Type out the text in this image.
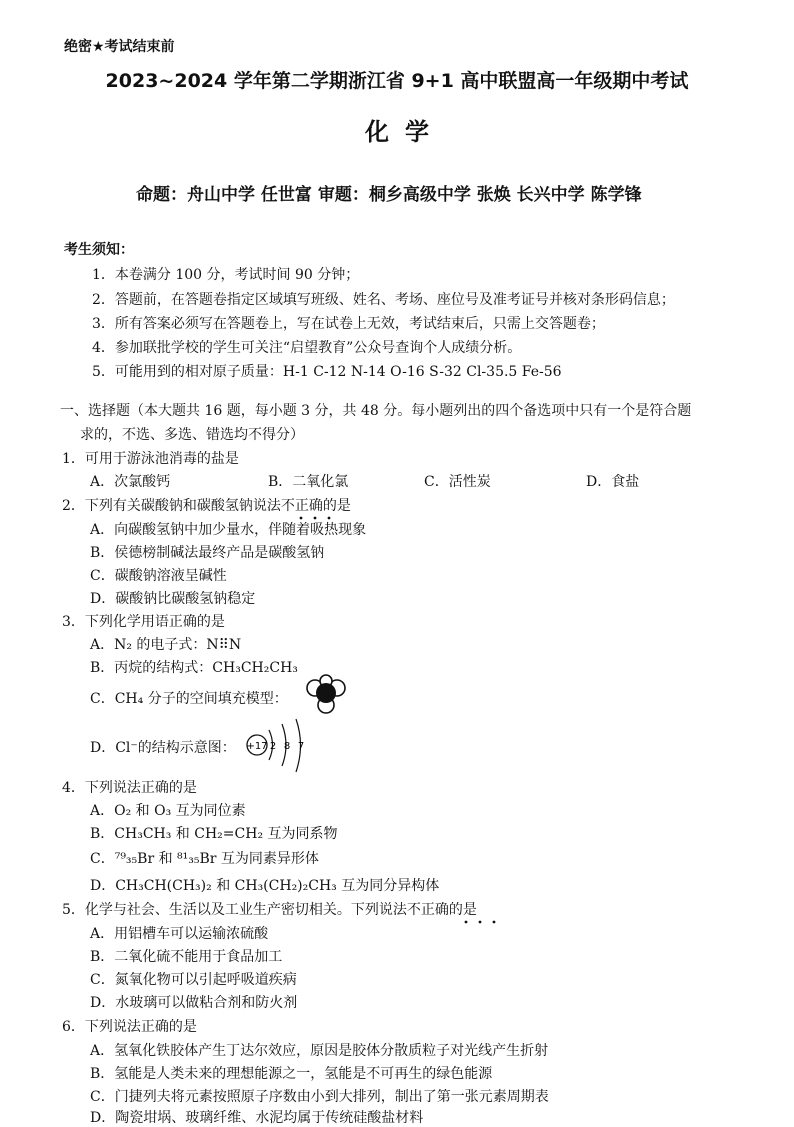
绝密★考试结束前
2023~2024 学年第二学期浙江省 9+1 高中联盟高一年级期中考试
化学
命题：舟山中学 任世富 审题：桐乡高级中学 张焕 长兴中学 陈学锋
考生须知：
1．本卷满分 100 分，考试时间 90 分钟；
2．答题前，在答题卷指定区域填写班级、姓名、考场、座位号及准考证号并核对条形码信息；
3．所有答案必须写在答题卷上，写在试卷上无效，考试结束后，只需上交答题卷；
4．参加联批学校的学生可关注“启望教育”公众号查询个人成绩分析。
5．可能用到的相对原子质量：H-1 C-12 N-14 O-16 S-32 Cl-35.5 Fe-56
一、选择题（本大题共 16 题，每小题 3 分，共 48 分。每小题列出的四个备选项中只有一个是符合题
求的，不选、多选、错选均不得分）
1．可用于游泳池消毒的盐是
A．次氯酸钙	B．二氧化氯	C．活性炭	D．食盐
2．下列有关碳酸钠和碳酸氢钠说法不正确的是
A．向碳酸氢钠中加少量水，伴随着吸热现象
B．侯德榜制碱法最终产品是碳酸氢钠
C．碳酸钠溶液呈碱性
D．碳酸钠比碳酸氢钠稳定
3．下列化学用语正确的是
A．N₂ 的电子式：N⠿N
B．丙烷的结构式：CH₃CH₂CH₃
C．CH₄ 分子的空间填充模型：
D．Cl⁻的结构示意图： +17 2 8 7
4．下列说法正确的是
A．O₂ 和 O₃ 互为同位素
B．CH₃CH₃ 和 CH₂=CH₂ 互为同系物
C．⁷⁹₃₅Br 和 ⁸¹₃₅Br 互为同素异形体
D．CH₃CH(CH₃)₂ 和 CH₃(CH₂)₂CH₃ 互为同分异构体
5．化学与社会、生活以及工业生产密切相关。下列说法不正确的是
A．用铝槽车可以运输浓硫酸
B．二氧化硫不能用于食品加工
C．氮氧化物可以引起呼吸道疾病
D．水玻璃可以做粘合剂和防火剂
6．下列说法正确的是
A．氢氧化铁胶体产生丁达尔效应，原因是胶体分散质粒子对光线产生折射
B．氢能是人类未来的理想能源之一，氢能是不可再生的绿色能源
C．门捷列夫将元素按照原子序数由小到大排列，制出了第一张元素周期表
D．陶瓷坩埚、玻璃纤维、水泥均属于传统硅酸盐材料
